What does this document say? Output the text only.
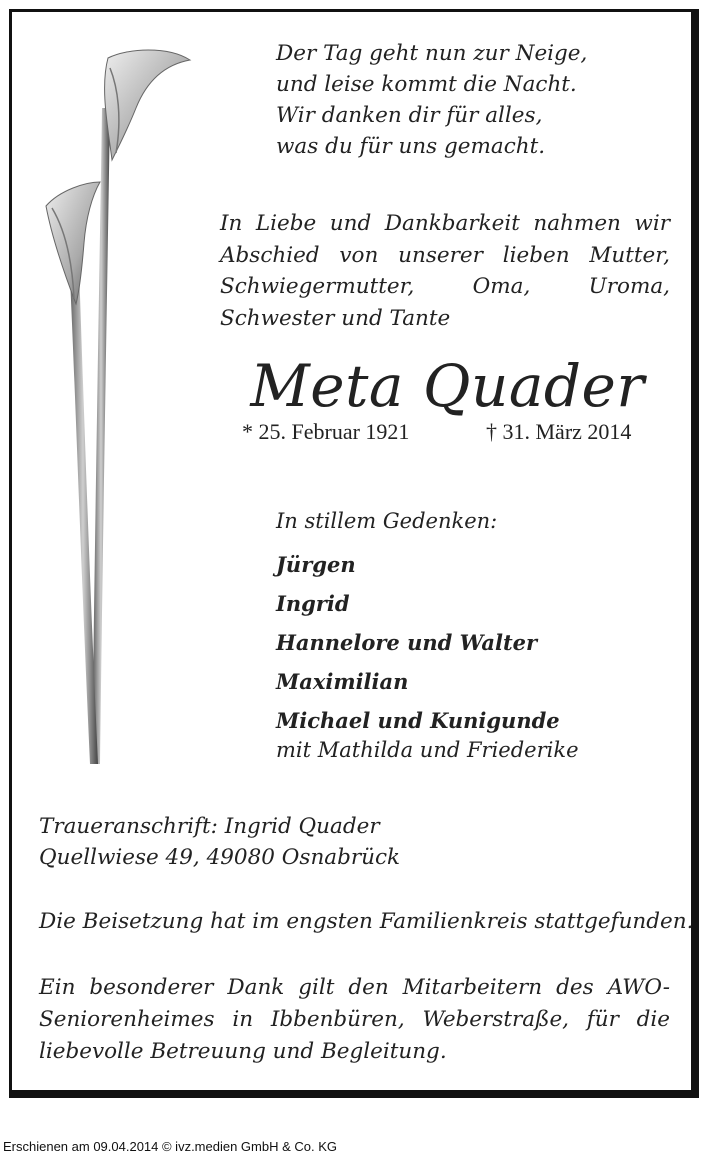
Der Tag geht nun zur Neige,
und leise kommt die Nacht.
Wir danken dir für alles,
was du für uns gemacht.
In Liebe und Dankbarkeit nahmen wir Abschied von unserer lieben Mutter, Schwiegermutter, Oma, Uroma, Schwester und Tante
Meta Quader
* 25. Februar 1921	† 31. März 2014
In stillem Gedenken:
Jürgen
Ingrid
Hannelore und Walter
Maximilian
Michael und Kunigunde
mit Mathilda und Friederike
Traueranschrift: Ingrid Quader
Quellwiese 49, 49080 Osnabrück
Die Beisetzung hat im engsten Familienkreis stattgefunden.
Ein besonderer Dank gilt den Mitarbeitern des AWO-Seniorenheimes in Ibbenbüren, Weberstraße, für die liebevolle Betreuung und Begleitung.
Erschienen am 09.04.2014 © ivz.medien GmbH & Co. KG
